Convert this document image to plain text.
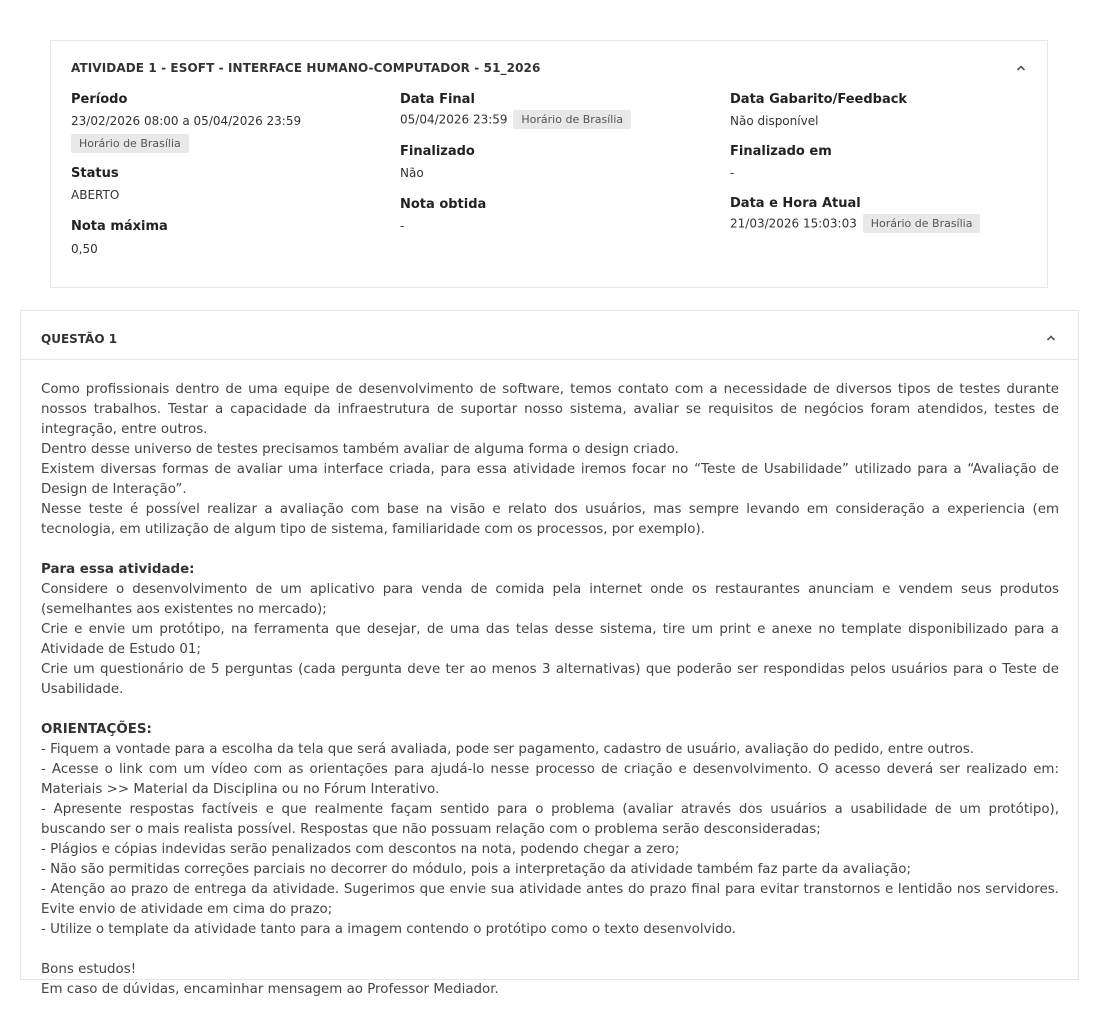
ATIVIDADE 1 - ESOFT - INTERFACE HUMANO-COMPUTADOR - 51_2026
Período
23/02/2026 08:00 a 05/04/2026 23:59
Horário de Brasília
Status
ABERTO
Nota máxima
0,50
Data Final
05/04/2026 23:59 Horário de Brasília
Finalizado
Não
Nota obtida
-
Data Gabarito/Feedback
Não disponível
Finalizado em
-
Data e Hora Atual
21/03/2026 15:03:03 Horário de Brasília
QUESTÃO 1

Como profissionais dentro de uma equipe de desenvolvimento de software, temos contato com a necessidade de diversos tipos de testes durante nossos trabalhos. Testar a capacidade da infraestrutura de suportar nosso sistema, avaliar se requisitos de negócios foram atendidos, testes de integração, entre outros.

Dentro desse universo de testes precisamos também avaliar de alguma forma o design criado.

Existem diversas formas de avaliar uma interface criada, para essa atividade iremos focar no “Teste de Usabilidade” utilizado para a “Avaliação de Design de Interação”.

Nesse teste é possível realizar a avaliação com base na visão e relato dos usuários, mas sempre levando em consideração a experiencia (em tecnologia, em utilização de algum tipo de sistema, familiaridade com os processos, por exemplo).

Para essa atividade:

Considere o desenvolvimento de um aplicativo para venda de comida pela internet onde os restaurantes anunciam e vendem seus produtos (semelhantes aos existentes no mercado);

Crie e envie um protótipo, na ferramenta que desejar, de uma das telas desse sistema, tire um print e anexe no template disponibilizado para a Atividade de Estudo 01;

Crie um questionário de 5 perguntas (cada pergunta deve ter ao menos 3 alternativas) que poderão ser respondidas pelos usuários para o Teste de Usabilidade.

ORIENTAÇÕES:

- Fiquem a vontade para a escolha da tela que será avaliada, pode ser pagamento, cadastro de usuário, avaliação do pedido, entre outros.

- Acesse o link com um vídeo com as orientações para ajudá-lo nesse processo de criação e desenvolvimento. O acesso deverá ser realizado em: Materiais >> Material da Disciplina ou no Fórum Interativo.

- Apresente respostas factíveis e que realmente façam sentido para o problema (avaliar através dos usuários a usabilidade de um protótipo), buscando ser o mais realista possível. Respostas que não possuam relação com o problema serão desconsideradas;

- Plágios e cópias indevidas serão penalizados com descontos na nota, podendo chegar a zero;

- Não são permitidas correções parciais no decorrer do módulo, pois a interpretação da atividade também faz parte da avaliação;

- Atenção ao prazo de entrega da atividade. Sugerimos que envie sua atividade antes do prazo final para evitar transtornos e lentidão nos servidores. Evite envio de atividade em cima do prazo;

- Utilize o template da atividade tanto para a imagem contendo o protótipo como o texto desenvolvido.

Bons estudos!

Em caso de dúvidas, encaminhar mensagem ao Professor Mediador.
